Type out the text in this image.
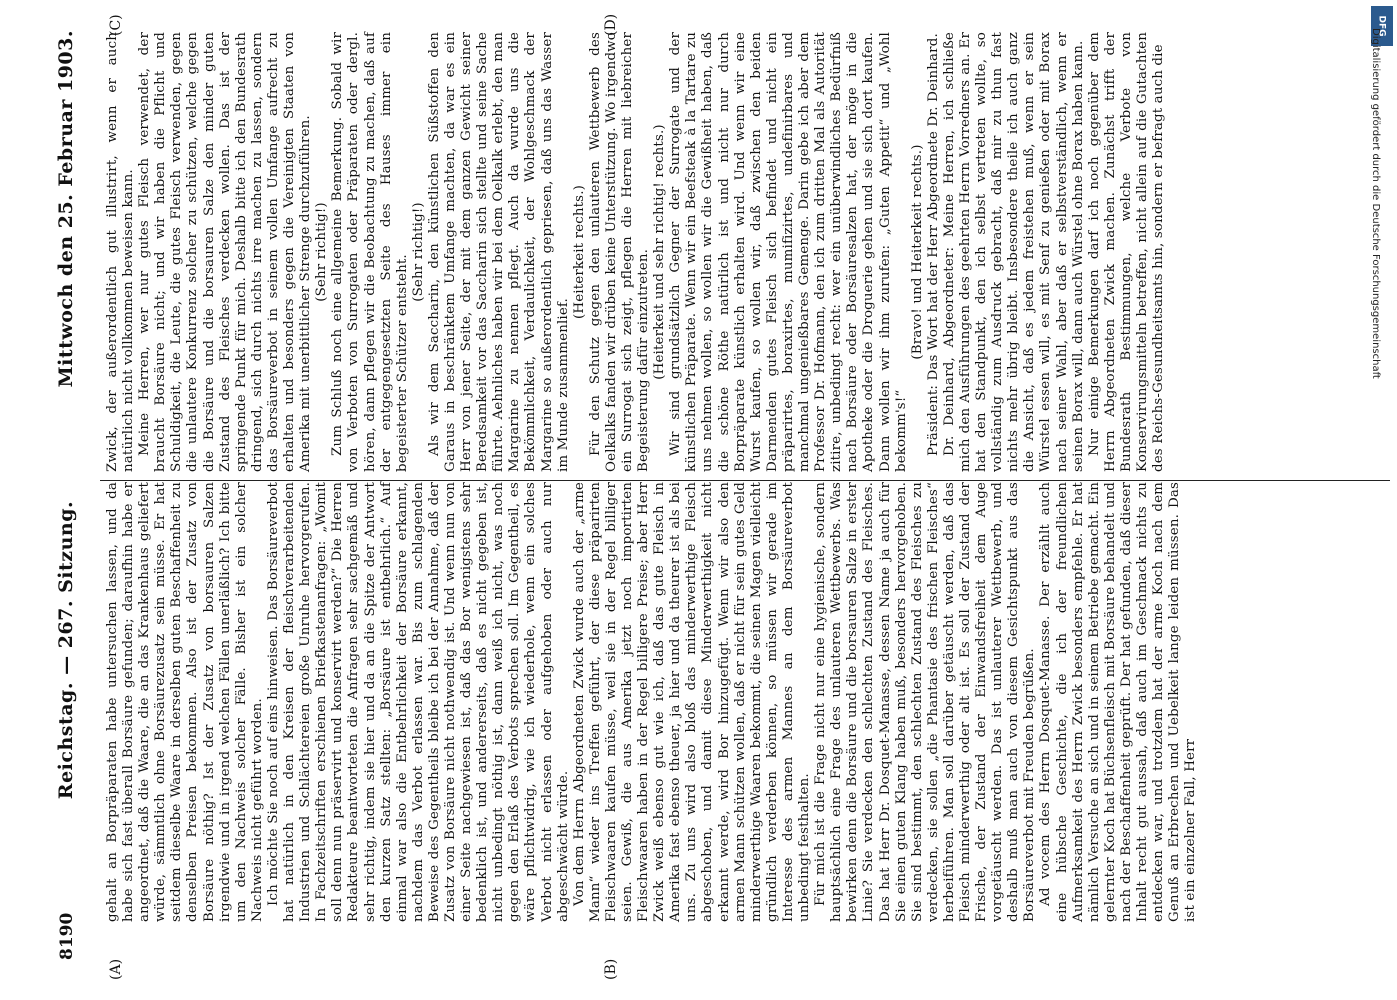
8190
Reichstag. — 267. Sitzung.
Mittwoch den 25. Februar 1903.
(A)	(B)
(C)	(D)

gehalt an Borpräparaten habe untersuchen lassen, und da habe sich fast überall Borsäure gefunden; daraufhin habe er angeordnet, daß die Waare, die an das Krankenhaus geliefert würde, sämmtlich ohne Borsäurezusatz sein müsse. Er hat seitdem dieselbe Waare in derselben guten Beschaffenheit zu denselben Preisen bekommen. Also ist der Zusatz von Borsäure nöthig? Ist der Zusatz von borsauren Salzen irgendwie und in irgend welchen Fällen unerläßlich? Ich bitte um den Nachweis solcher Fälle. Bisher ist ein solcher Nachweis nicht geführt worden. Ich möchte Sie noch auf eins hinweisen. Das Borsäureverbot hat natürlich in den Kreisen der fleischverarbeitenden Industrien und Schlächtereien große Unruhe hervorgerufen. In Fachzeitschriften erschienen Briefkastenanfragen: „Womit soll denn nun präservirt und konservirt werden?“ Die Herren Redakteure beantworteten die Anfragen sehr sachgemäß und sehr richtig, indem sie hier und da an die Spitze der Antwort den kurzen Satz stellten: „Borsäure ist entbehrlich.“ Auf einmal war also die Entbehrlichkeit der Borsäure erkannt, nachdem das Verbot erlassen war. Bis zum schlagenden Beweise des Gegentheils bleibe ich bei der Annahme, daß der Zusatz von Borsäure nicht nothwendig ist. Und wenn nun von einer Seite nachgewiesen ist, daß das Bor wenigstens sehr bedenklich ist, und andererseits, daß es nicht gegeben ist, nicht unbedingt nöthig ist, dann weiß ich nicht, was noch gegen den Erlaß des Verbots sprechen soll. Im Gegentheil, es wäre pflichtwidrig, wie ich wiederhole, wenn ein solches Verbot nicht erlassen oder aufgehoben oder auch nur abgeschwächt würde. Von dem Herrn Abgeordneten Zwick wurde auch der „arme Mann“ wieder ins Treffen geführt, der diese präparirten Fleischwaaren kaufen müsse, weil sie in der Regel billiger seien. Gewiß, die aus Amerika jetzt noch importirten Fleischwaaren haben in der Regel billigere Preise; aber Herr Zwick weiß ebenso gut wie ich, daß das gute Fleisch in Amerika fast ebenso theuer, ja hier und da theurer ist als bei uns. Zu uns wird also bloß das minderwerthige Fleisch abgeschoben, und damit diese Minderwerthigkeit nicht erkannt werde, wird Bor hinzugefügt. Wenn wir also den armen Mann schützen wollen, daß er nicht für sein gutes Geld minderwerthige Waaren bekommt, die seinen Magen vielleicht gründlich verderben können, so müssen wir gerade im Interesse des armen Mannes an dem Borsäureverbot unbedingt festhalten. Für mich ist die Frage nicht nur eine hygienische, sondern hauptsächlich eine Frage des unlauteren Wettbewerbs. Was bewirken denn die Borsäure und die borsauren Salze in erster Linie? Sie verdecken den schlechten Zustand des Fleisches. Das hat Herr Dr. Dosquet-Manasse, dessen Name ja auch für Sie einen guten Klang haben muß, besonders hervorgehoben. Sie sind bestimmt, den schlechten Zustand des Fleisches zu verdecken, sie sollen „die Phantasie des frischen Fleisches“ herbeiführen. Man soll darüber getäuscht werden, daß das Fleisch minderwerthig oder alt ist. Es soll der Zustand der Frische, der Zustand der Einwandsfreiheit dem Auge vorgetäuscht werden. Das ist unlauterer Wettbewerb, und deshalb muß man auch von diesem Gesichtspunkt aus das Borsäureverbot mit Freuden begrüßen. Ad vocem des Herrn Dosquet-Manasse. Der erzählt auch eine hübsche Geschichte, die ich der freundlichen Aufmerksamkeit des Herrn Zwick besonders empfehle. Er hat nämlich Versuche an sich und in seinem Betriebe gemacht. Ein gelernter Koch hat Büchsenfleisch mit Borsäure behandelt und nach der Beschaffenheit geprüft. Der hat gefunden, daß dieser Inhalt recht gut aussah, daß auch im Geschmack nichts zu entdecken war, und trotzdem hat der arme Koch nach dem Genuß an Erbrechen und Uebelkeit lange leiden müssen. Das ist ein einzelner Fall, Herr

Zwick, der außerordentlich gut illustrirt, wenn er auch natürlich nicht vollkommen beweisen kann. Meine Herren, wer nur gutes Fleisch verwendet, der braucht Borsäure nicht; und wir haben die Pflicht und Schuldigkeit, die Leute, die gutes Fleisch verwenden, gegen die unlautere Konkurrenz solcher zu schützen, welche gegen die Borsäure und die borsauren Salze den minder guten Zustand des Fleisches verdecken wollen. Das ist der springende Punkt für mich. Deshalb bitte ich den Bundesrath dringend, sich durch nichts irre machen zu lassen, sondern das Borsäureverbot in seinem vollen Umfange aufrecht zu erhalten und besonders gegen die Vereinigten Staaten von Amerika mit unerbittlicher Strenge durchzuführen. (Sehr richtig!) Zum Schluß noch eine allgemeine Bemerkung. Sobald wir von Verboten von Surrogaten oder Präparaten oder dergl. hören, dann pflegen wir die Beobachtung zu machen, daß auf der entgegengesetzten Seite des Hauses immer ein begeisterter Schützer entsteht.

(Sehr richtig!) Als wir dem Saccharin, den künstlichen Süßstoffen den Garaus in beschränktem Umfange machten, da war es ein Herr von jener Seite, der mit dem ganzen Gewicht seiner Beredsamkeit vor das Saccharin sich stellte und seine Sache führte. Aehnliches haben wir bei dem Oelkalk erlebt, den man Margarine zu nennen pflegt. Auch da wurde uns die Bekömmlichkeit, Verdaulichkeit, der Wohlgeschmack der Margarine so außerordentlich gepriesen, daß uns das Wasser im Munde zusammenlief.

(Heiterkeit rechts.) Für den Schutz gegen den unlauteren Wettbewerb des Oelkalks fanden wir drüben keine Unterstützung. Wo irgendwo ein Surrogat sich zeigt, pflegen die Herren mit liebreicher Begeisterung dafür einzutreten. (Heiterkeit und sehr richtig! rechts.) Wir sind grundsätzlich Gegner der Surrogate und der künstlichen Präparate. Wenn wir ein Beefsteak à la Tartare zu uns nehmen wollen, so wollen wir die Gewißheit haben, daß die schöne Röthe natürlich ist und nicht nur durch Borpräparate künstlich erhalten wird. Und wenn wir eine Wurst kaufen, so wollen wir, daß zwischen den beiden Darmenden gutes Fleisch sich befindet und nicht ein präparirtes, boraxirtes, mumifizirtes, undefinirbares und manchmal ungenießbares Gemenge. Darin gebe ich aber dem Professor Dr. Hofmann, den ich zum dritten Mal als Autorität zitire, unbedingt recht: wer ein unüberwindliches Bedürfniß nach Borsäure oder Borsäuresalzen hat, der möge in die Apotheke oder die Droguerie gehen und sie sich dort kaufen. Dann wollen wir ihm zurufen: „Guten Appetit“ und „Wohl bekomm's!“

(Bravo! und Heiterkeit rechts.) Präsident: Das Wort hat der Herr Abgeordnete Dr. Deinhard. Dr. Deinhard, Abgeordneter: Meine Herren, ich schließe mich den Ausführungen des geehrten Herrn Vorredners an. Er hat den Standpunkt, den ich selbst vertreten wollte, so vollständig zum Ausdruck gebracht, daß mir zu thun fast nichts mehr übrig bleibt. Insbesondere theile ich auch ganz die Ansicht, daß es jedem freistehen muß, wenn er sein Würstel essen will, es mit Senf zu genießen oder mit Borax nach seiner Wahl, aber daß er selbstverständlich, wenn er seinen Borax will, dann auch Würstel ohne Borax haben kann. Nur einige Bemerkungen darf ich noch gegenüber dem Herrn Abgeordneten Zwick machen. Zunächst trifft der Bundesrath Bestimmungen, welche Verbote von Konservirungsmitteln betreffen, nicht allein auf die Gutachten des Reichs-Gesundheitsamts hin, sondern er befragt auch die

DFG
Digitalisierung gefördert durch die Deutsche Forschungsgemeinschaft
